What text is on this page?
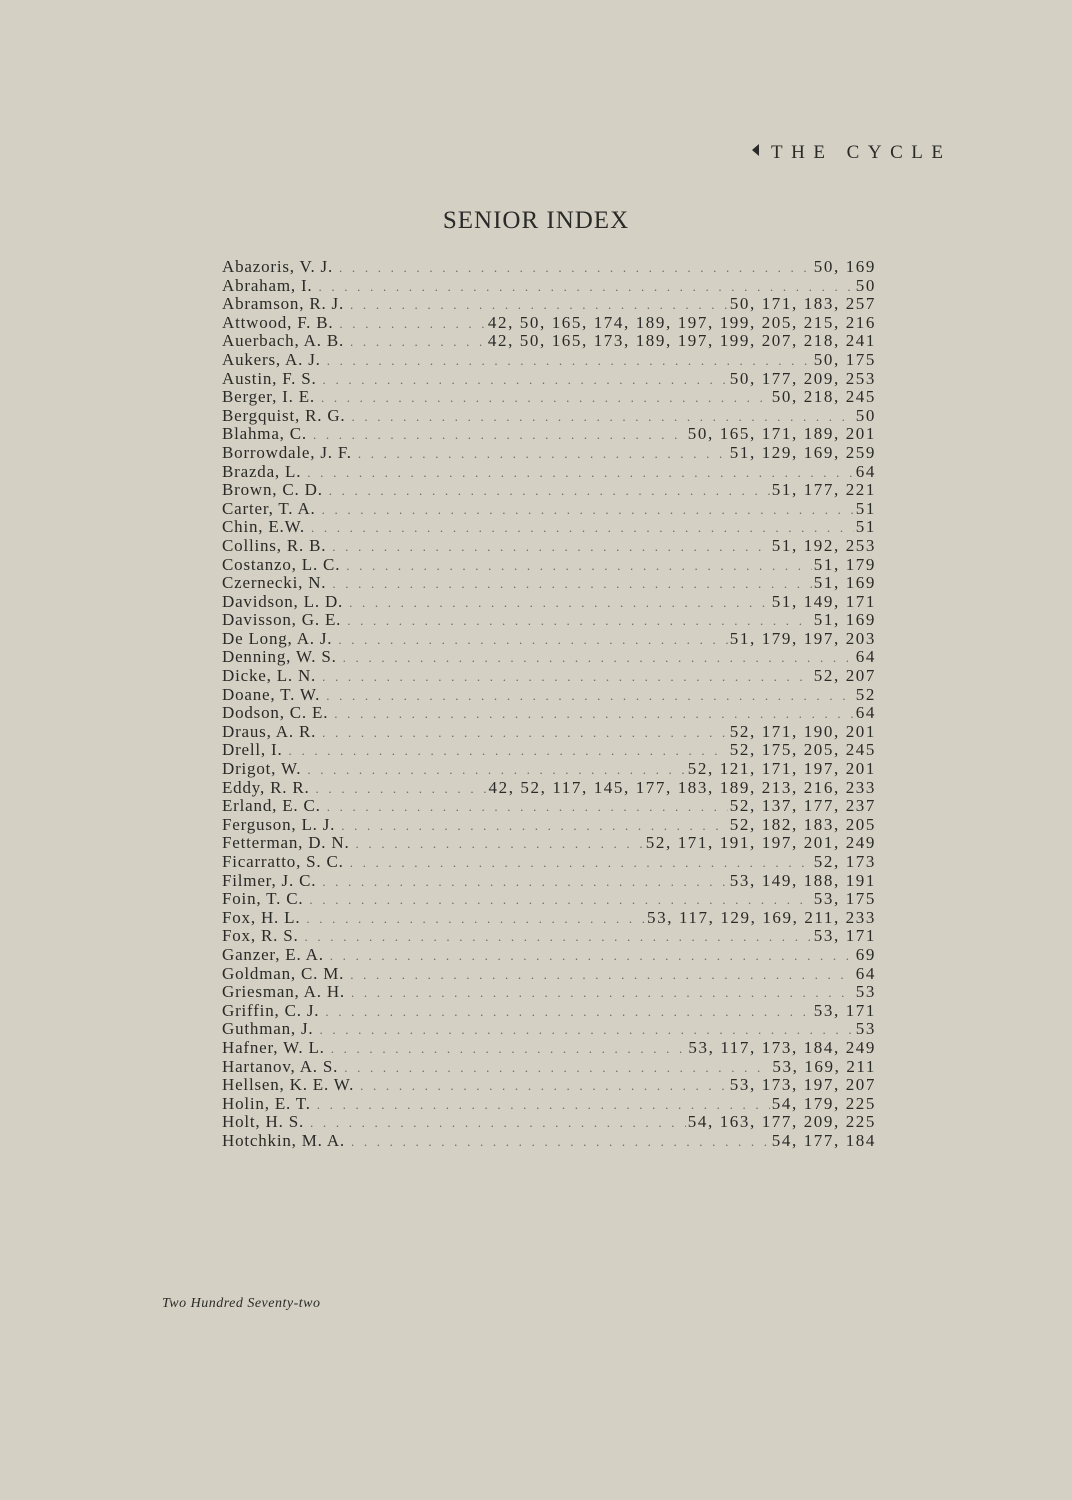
THE CYCLE
SENIOR INDEX
Abazoris, V. J. . . .	50, 169
Abraham, I. . . .	50
Abramson, R. J. . . .	50, 171, 183, 257
Attwood, F. B. . . .	42, 50, 165, 174, 189, 197, 199, 205, 215, 216
Auerbach, A. B. . . .	42, 50, 165, 173, 189, 197, 199, 207, 218, 241
Aukers, A. J. . . .	50, 175
Austin, F. S. . . .	50, 177, 209, 253
Berger, I. E. . . .	50, 218, 245
Bergquist, R. G. . . .	50
Blahma, C. . . .	50, 165, 171, 189, 201
Borrowdale, J. F. . . .	51, 129, 169, 259
Brazda, L. . . .	64
Brown, C. D. . . .	51, 177, 221
Carter, T. A. . . .	51
Chin, E.W. . . .	51
Collins, R. B. . . .	51, 192, 253
Costanzo, L. C. . . .	51, 179
Czernecki, N. . . .	51, 169
Davidson, L. D. . . .	51, 149, 171
Davisson, G. E. . . .	51, 169
De Long, A. J. . . .	51, 179, 197, 203
Denning, W. S. . . .	64
Dicke, L. N. . . .	52, 207
Doane, T. W. . . .	52
Dodson, C. E. . . .	64
Draus, A. R. . . .	52, 171, 190, 201
Drell, I. . . .	52, 175, 205, 245
Drigot, W. . . .	52, 121, 171, 197, 201
Eddy, R. R. . . .	42, 52, 117, 145, 177, 183, 189, 213, 216, 233
Erland, E. C. . . .	52, 137, 177, 237
Ferguson, L. J. . . .	52, 182, 183, 205
Fetterman, D. N. . . .	52, 171, 191, 197, 201, 249
Ficarratto, S. C. . . .	52, 173
Filmer, J. C. . . .	53, 149, 188, 191
Foin, T. C. . . .	53, 175
Fox, H. L. . . .	53, 117, 129, 169, 211, 233
Fox, R. S. . . .	53, 171
Ganzer, E. A. . . .	69
Goldman, C. M. . . .	64
Griesman, A. H. . . .	53
Griffin, C. J. . . .	53, 171
Guthman, J. . . .	53
Hafner, W. L. . . .	53, 117, 173, 184, 249
Hartanov, A. S. . . .	53, 169, 211
Hellsen, K. E. W. . . .	53, 173, 197, 207
Holin, E. T. . . .	54, 179, 225
Holt, H. S. . . .	54, 163, 177, 209, 225
Hotchkin, M. A. . . .	54, 177, 184
Two Hundred Seventy-two
